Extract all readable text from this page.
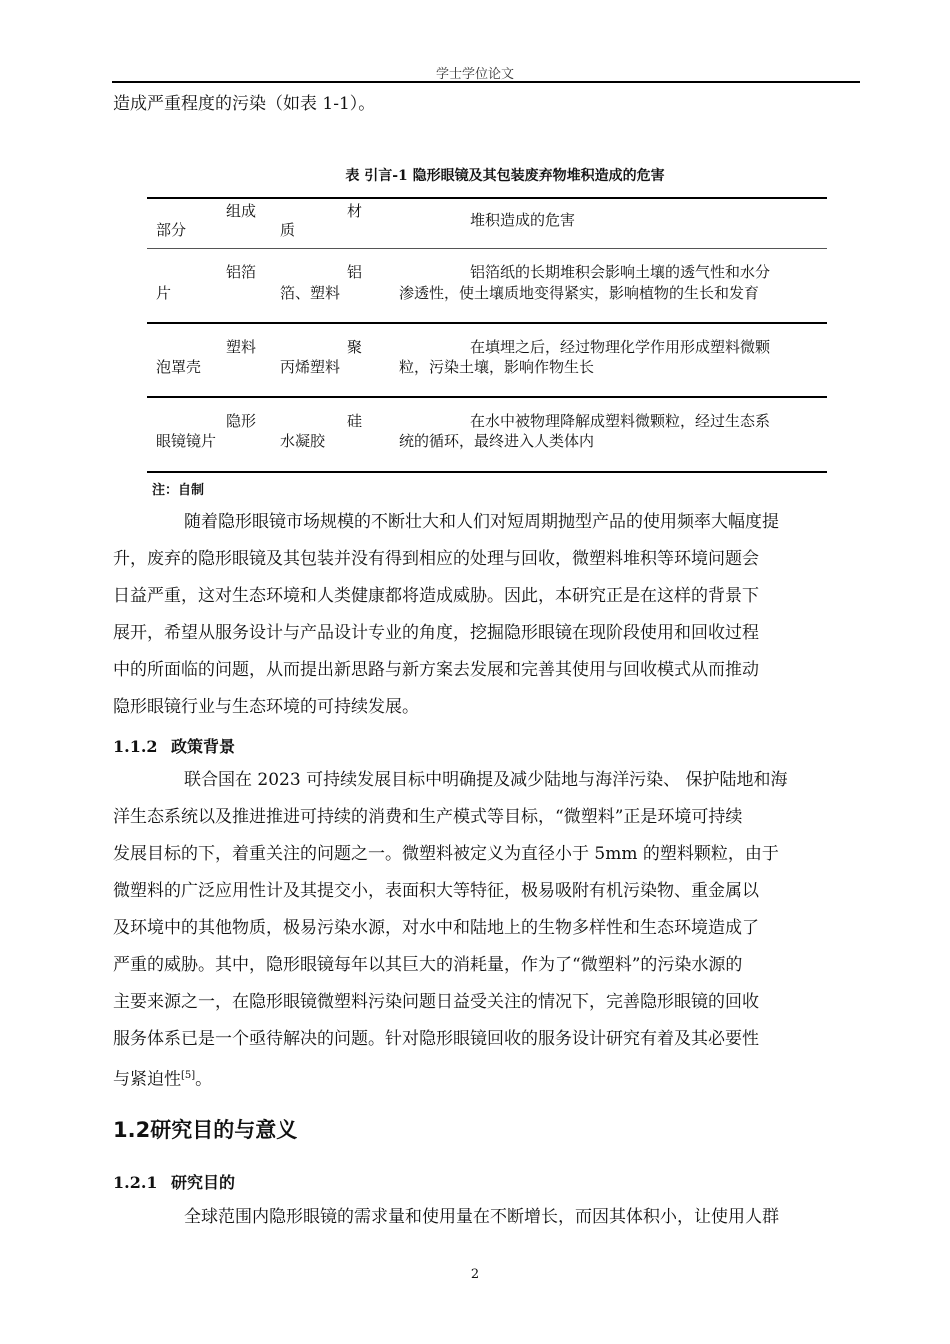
学士学位论文
造成严重程度的污染（如表 1-1）。
表 引言-1 隐形眼镜及其包装废弃物堆积造成的危害
组成
部分
材
质
堆积造成的危害
铝箔
片
铝
箔、塑料
铝箔纸的长期堆积会影响土壤的透气性和水分
渗透性，使土壤质地变得紧实，影响植物的生长和发育
塑料
泡罩壳
聚
丙烯塑料
在填埋之后，经过物理化学作用形成塑料微颗
粒，污染土壤，影响作物生长
隐形
眼镜镜片
硅
水凝胶
在水中被物理降解成塑料微颗粒，经过生态系
统的循环，最终进入人类体内
注：自制
随着隐形眼镜市场规模的不断壮大和人们对短周期抛型产品的使用频率大幅度提
升，废弃的隐形眼镜及其包装并没有得到相应的处理与回收，微塑料堆积等环境问题会
日益严重，这对生态环境和人类健康都将造成威胁。因此，本研究正是在这样的背景下
展开，希望从服务设计与产品设计专业的角度，挖掘隐形眼镜在现阶段使用和回收过程
中的所面临的问题，从而提出新思路与新方案去发展和完善其使用与回收模式从而推动
隐形眼镜行业与生态环境的可持续发展。
1.1.2 政策背景
联合国在 2023 可持续发展目标中明确提及减少陆地与海洋污染、 保护陆地和海
洋生态系统以及推进推进可持续的消费和生产模式等目标，“微塑料”正是环境可持续
发展目标的下，着重关注的问题之一。微塑料被定义为直径小于 5mm 的塑料颗粒，由于
微塑料的广泛应用性计及其提交小，表面积大等特征，极易吸附有机污染物、重金属以
及环境中的其他物质，极易污染水源，对水中和陆地上的生物多样性和生态环境造成了
严重的威胁。其中，隐形眼镜每年以其巨大的消耗量，作为了“微塑料”的污染水源的
主要来源之一，在隐形眼镜微塑料污染问题日益受关注的情况下，完善隐形眼镜的回收
服务体系已是一个亟待解决的问题。针对隐形眼镜回收的服务设计研究有着及其必要性
与紧迫性[5]。
1.2研究目的与意义
1.2.1 研究目的
全球范围内隐形眼镜的需求量和使用量在不断增长，而因其体积小，让使用人群
2
